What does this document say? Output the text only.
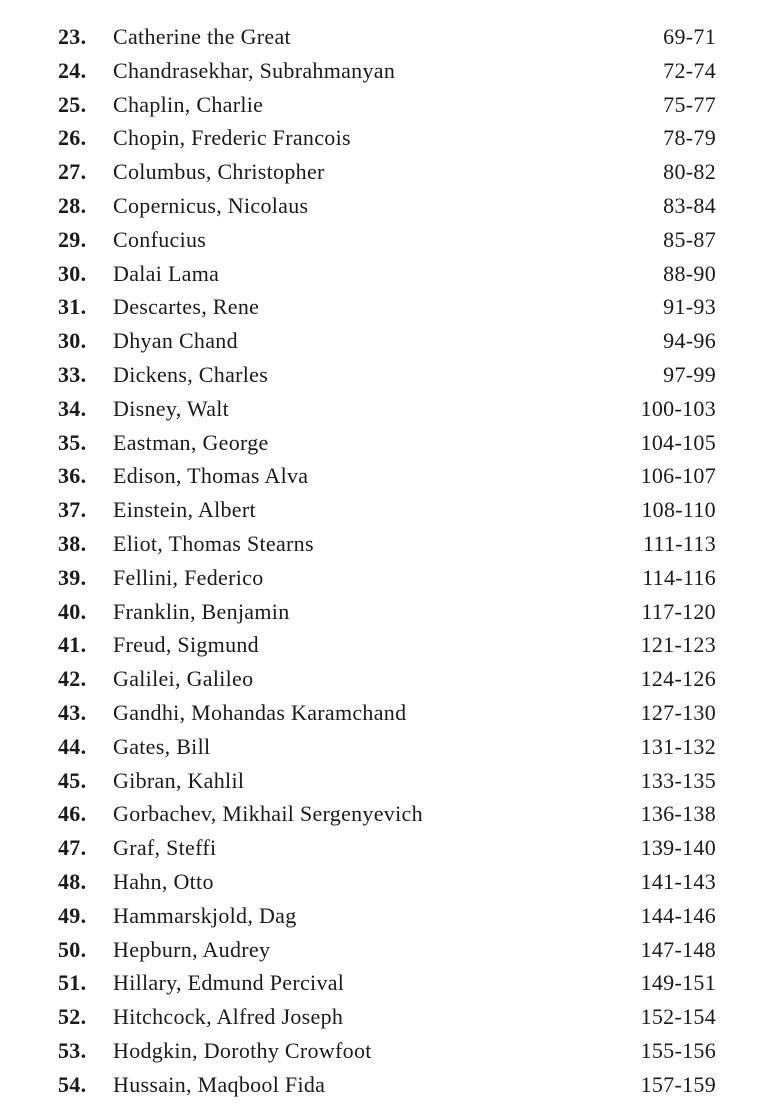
23. Catherine the Great	69-71
24. Chandrasekhar, Subrahmanyan	72-74
25. Chaplin, Charlie	75-77
26. Chopin, Frederic Francois	78-79
27. Columbus, Christopher	80-82
28. Copernicus, Nicolaus	83-84
29. Confucius	85-87
30. Dalai Lama	88-90
31. Descartes, Rene	91-93
30. Dhyan Chand	94-96
33. Dickens, Charles	97-99
34. Disney, Walt	100-103
35. Eastman, George	104-105
36. Edison, Thomas Alva	106-107
37. Einstein, Albert	108-110
38. Eliot, Thomas Stearns	111-113
39. Fellini, Federico	114-116
40. Franklin, Benjamin	117-120
41. Freud, Sigmund	121-123
42. Galilei, Galileo	124-126
43. Gandhi, Mohandas Karamchand	127-130
44. Gates, Bill	131-132
45. Gibran, Kahlil	133-135
46. Gorbachev, Mikhail Sergenyevich	136-138
47. Graf, Steffi	139-140
48. Hahn, Otto	141-143
49. Hammarskjold, Dag	144-146
50. Hepburn, Audrey	147-148
51. Hillary, Edmund Percival	149-151
52. Hitchcock, Alfred Joseph	152-154
53. Hodgkin, Dorothy Crowfoot	155-156
54. Hussain, Maqbool Fida	157-159
